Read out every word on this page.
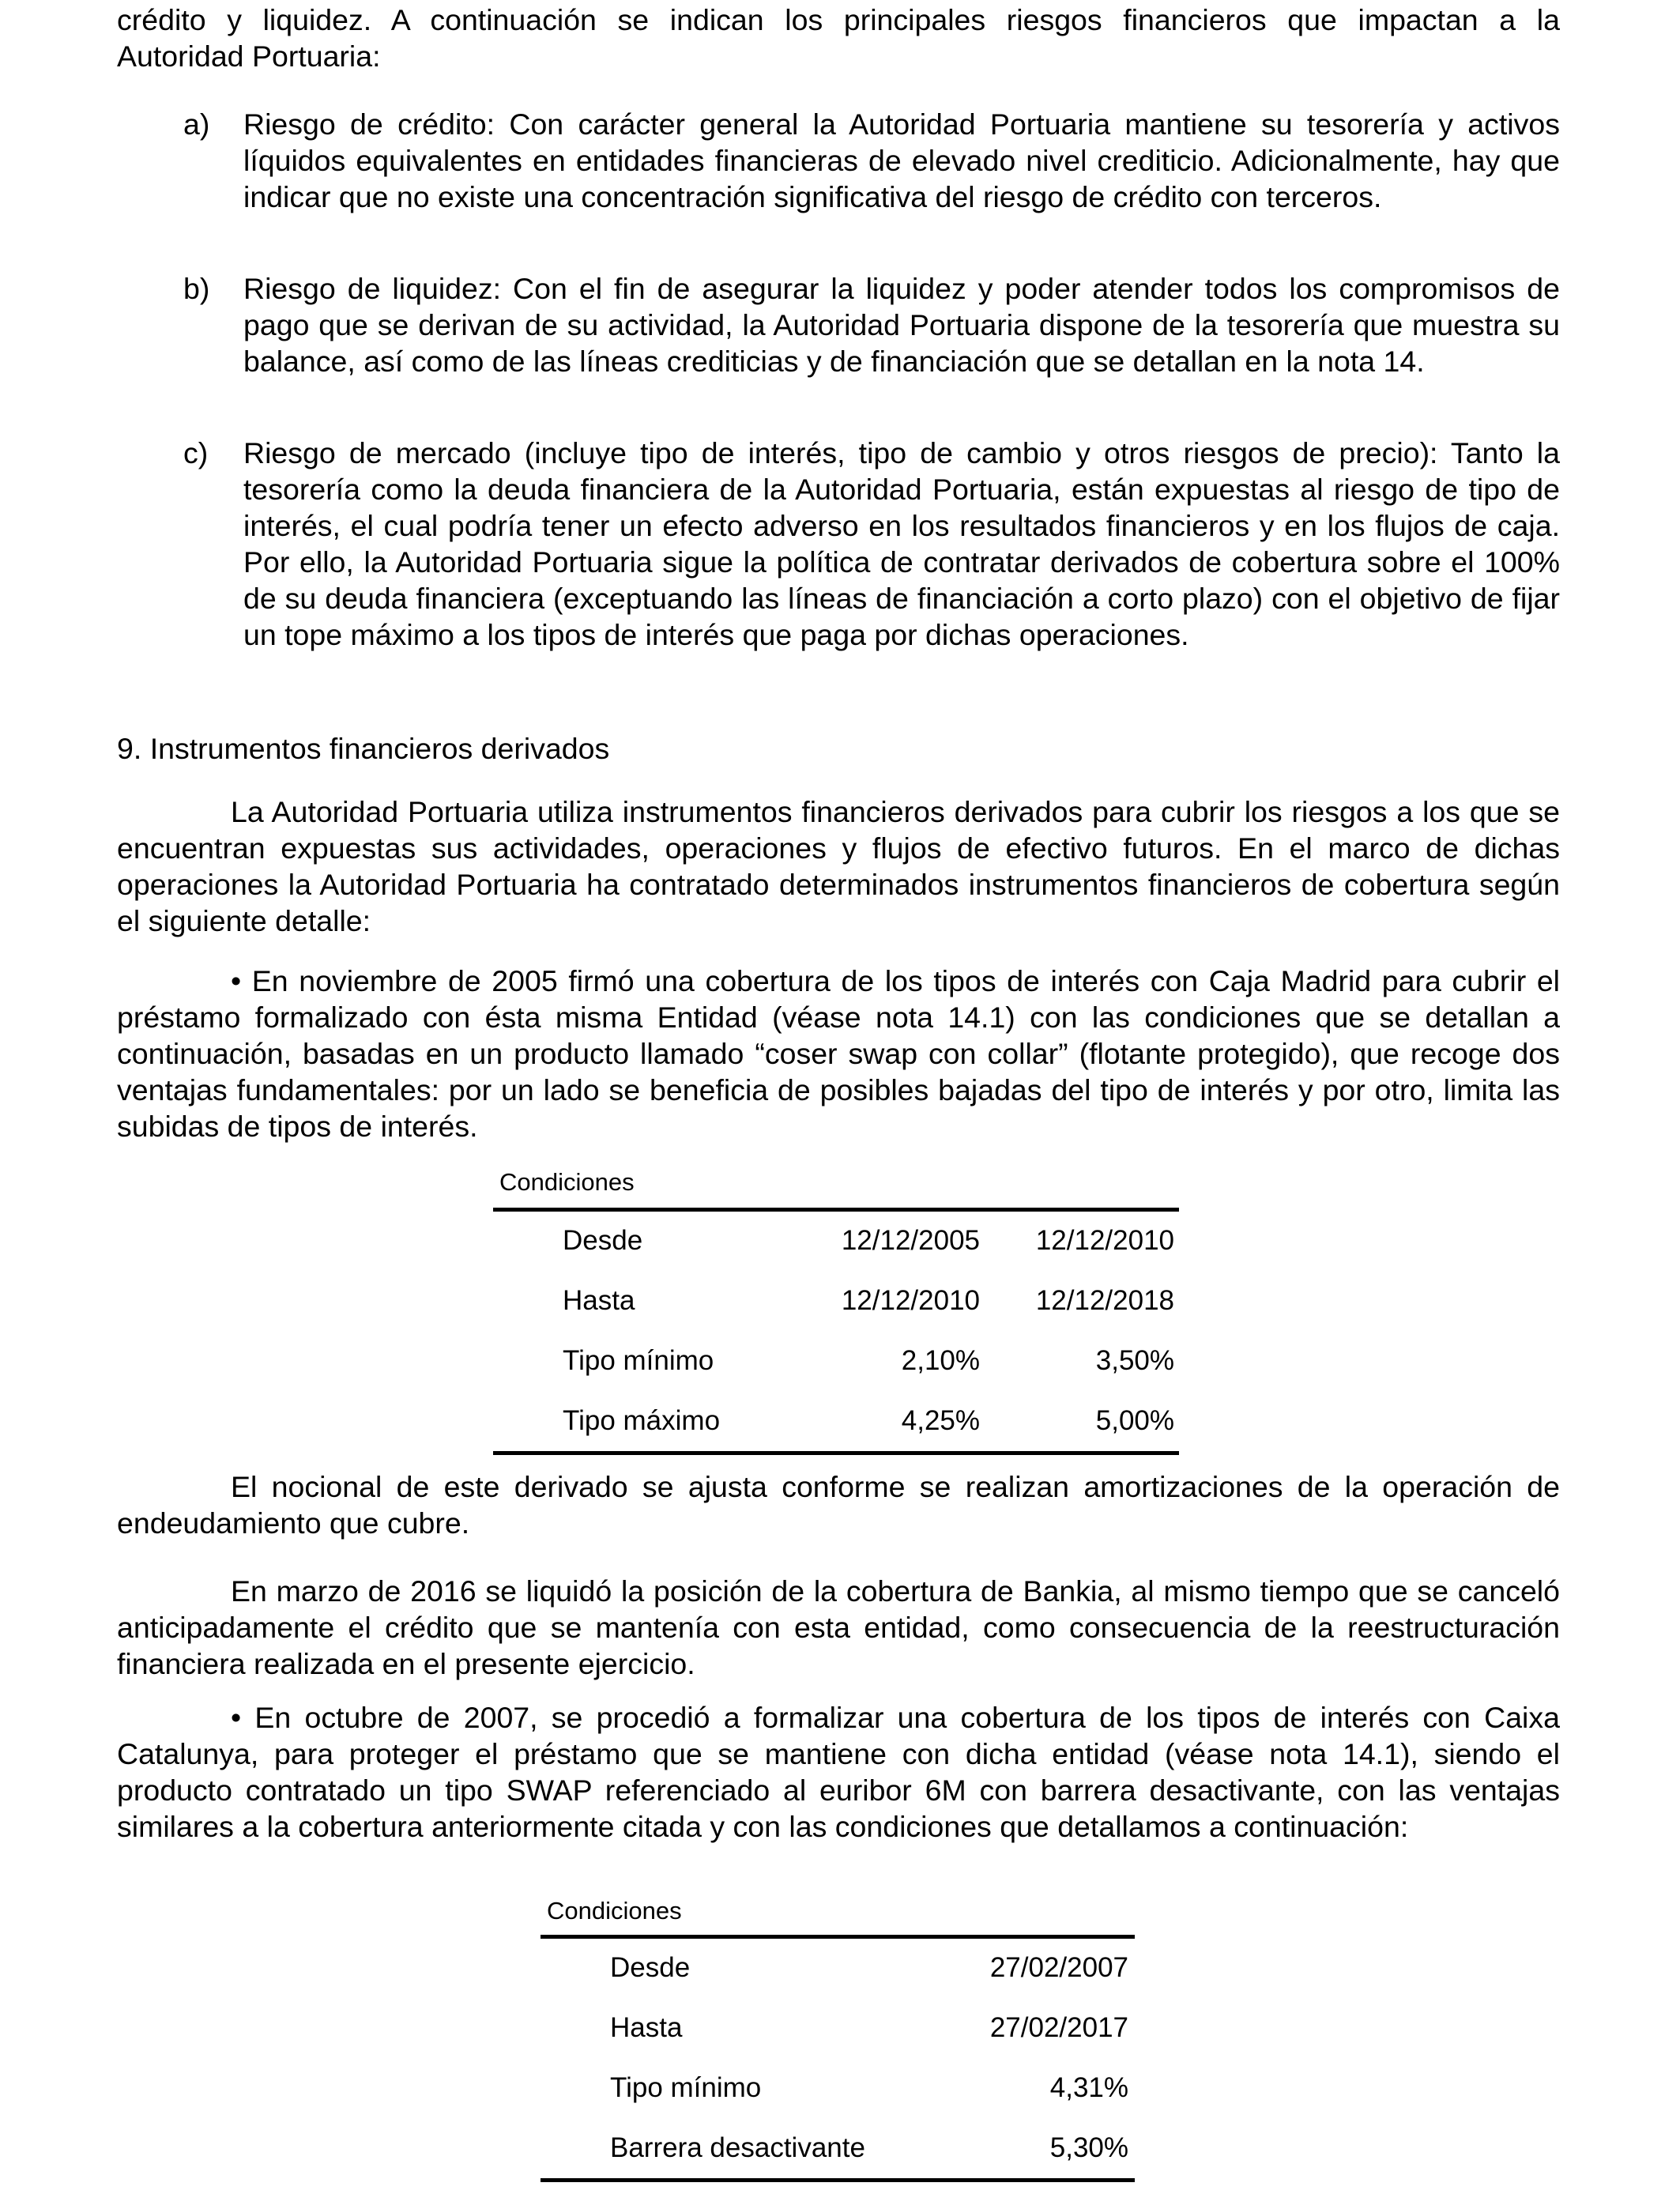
crédito y liquidez. A continuación se indican los principales riesgos financieros que impactan a la
Autoridad Portuaria:
a) Riesgo de crédito: Con carácter general la Autoridad Portuaria mantiene su tesorería y activos líquidos equivalentes en entidades financieras de elevado nivel crediticio. Adicionalmente, hay que indicar que no existe una concentración significativa del riesgo de crédito con terceros.
b) Riesgo de liquidez: Con el fin de asegurar la liquidez y poder atender todos los compromisos de pago que se derivan de su actividad, la Autoridad Portuaria dispone de la tesorería que muestra su balance, así como de las líneas crediticias y de financiación que se detallan en la nota 14.
c) Riesgo de mercado (incluye tipo de interés, tipo de cambio y otros riesgos de precio): Tanto la tesorería como la deuda financiera de la Autoridad Portuaria, están expuestas al riesgo de tipo de interés, el cual podría tener un efecto adverso en los resultados financieros y en los flujos de caja. Por ello, la Autoridad Portuaria sigue la política de contratar derivados de cobertura sobre el 100% de su deuda financiera (exceptuando las líneas de financiación a corto plazo) con el objetivo de fijar un tope máximo a los tipos de interés que paga por dichas operaciones.
9. Instrumentos financieros derivados
La Autoridad Portuaria utiliza instrumentos financieros derivados para cubrir los riesgos a los que se encuentran expuestas sus actividades, operaciones y flujos de efectivo futuros. En el marco de dichas operaciones la Autoridad Portuaria ha contratado determinados instrumentos financieros de cobertura según el siguiente detalle:
• En noviembre de 2005 firmó una cobertura de los tipos de interés con Caja Madrid para cubrir el préstamo formalizado con ésta misma Entidad (véase nota 14.1) con las condiciones que se detallan a continuación, basadas en un producto llamado “coser swap con collar” (flotante protegido), que recoge dos ventajas fundamentales: por un lado se beneficia de posibles bajadas del tipo de interés y por otro, limita las subidas de tipos de interés.
Condiciones
Desde	12/12/2005	12/12/2010
Hasta	12/12/2010	12/12/2018
Tipo mínimo	2,10%	3,50%
Tipo máximo	4,25%	5,00%
El nocional de este derivado se ajusta conforme se realizan amortizaciones de la operación de endeudamiento que cubre.
En marzo de 2016 se liquidó la posición de la cobertura de Bankia, al mismo tiempo que se canceló anticipadamente el crédito que se mantenía con esta entidad, como consecuencia de la reestructuración financiera realizada en el presente ejercicio.
• En octubre de 2007, se procedió a formalizar una cobertura de los tipos de interés con Caixa Catalunya, para proteger el préstamo que se mantiene con dicha entidad (véase nota 14.1), siendo el producto contratado un tipo SWAP referenciado al euribor 6M con barrera desactivante, con las ventajas similares a la cobertura anteriormente citada y con las condiciones que detallamos a continuación:
Condiciones
Desde	27/02/2007
Hasta	27/02/2017
Tipo mínimo	4,31%
Barrera desactivante	5,30%
